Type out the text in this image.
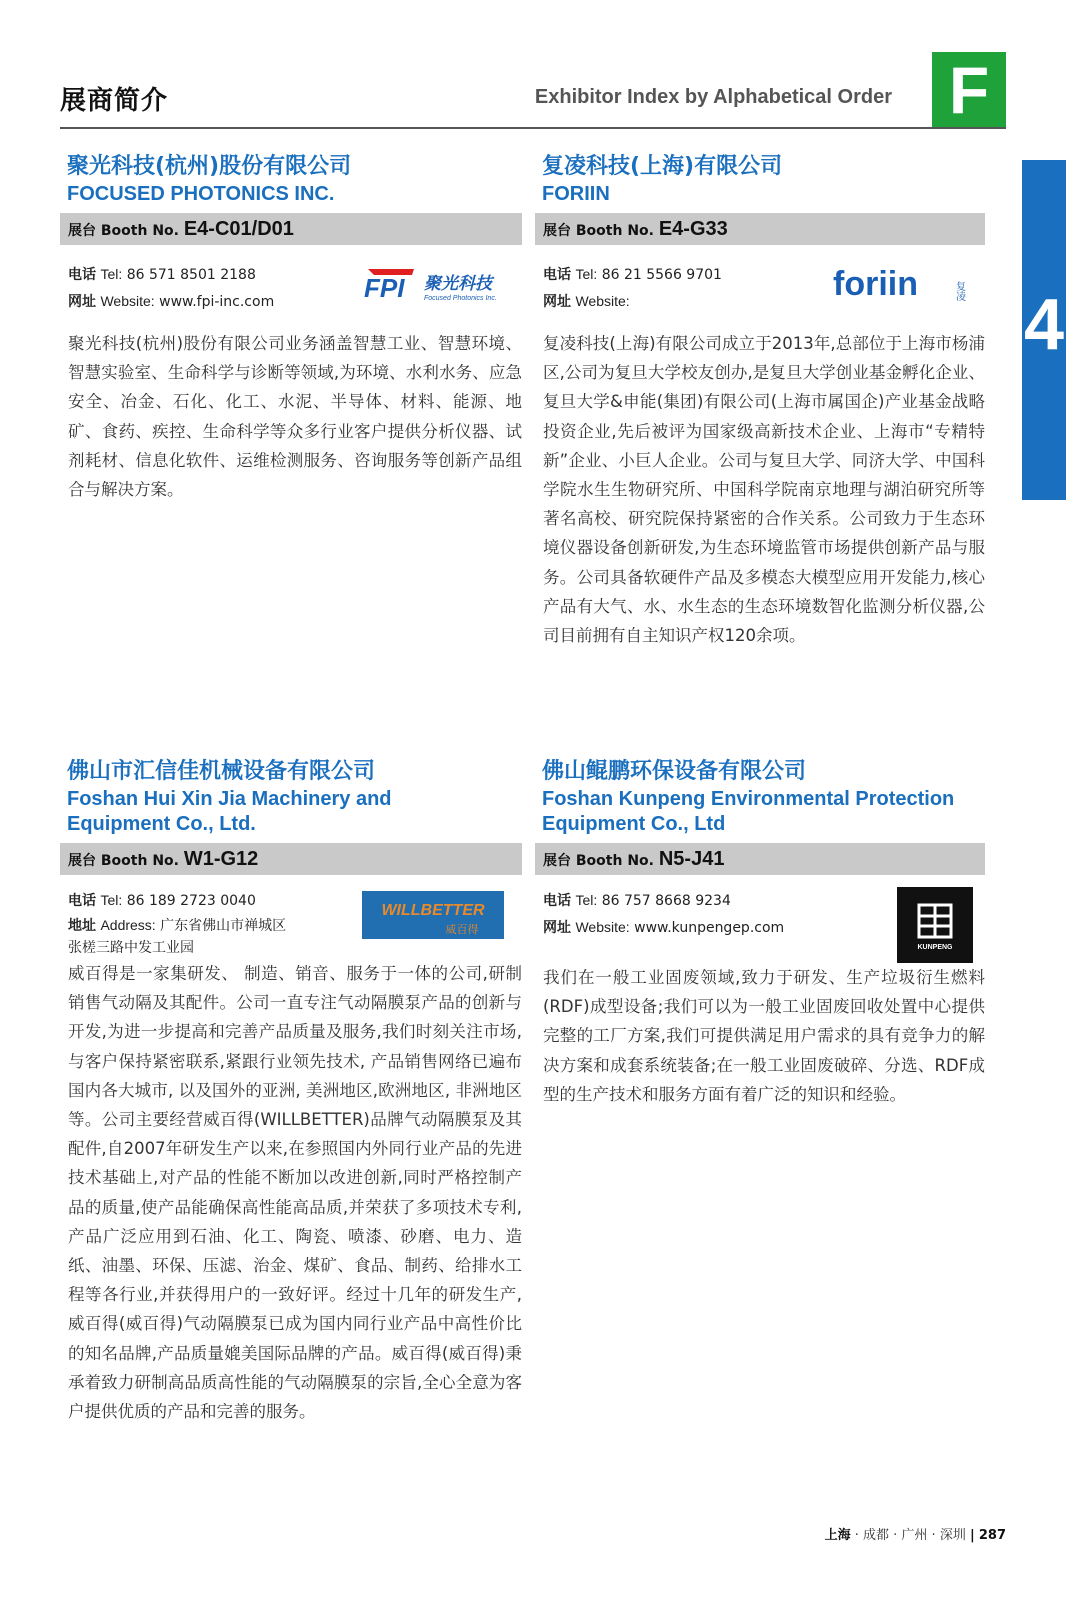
展商简介	Exhibitor Index by Alphabetical Order F
4
聚光科技(杭州)股份有限公司
FOCUSED PHOTONICS INC.
展台 Booth No. E4-C01/D01
电话 Tel: 86 571 8501 2188
网址 Website: www.fpi-inc.com	FPI 聚光科技
Focused Photonics Inc.
聚光科技(杭州)股份有限公司业务涵盖智慧工业、智慧环境、智慧实验室、生命科学与诊断等领域,为环境、水利水务、应急安全、冶金、石化、化工、水泥、半导体、材料、能源、地矿、食药、疾控、生命科学等众多行业客户提供分析仪器、试剂耗材、信息化软件、运维检测服务、咨询服务等创新产品组合与解决方案。
复凌科技(上海)有限公司
FORIIN
展台 Booth No. E4-G33
电话 Tel: 86 21 5566 9701
网址 Website:	foriin	复凌
复凌科技(上海)有限公司成立于2013年,总部位于上海市杨浦区,公司为复旦大学校友创办,是复旦大学创业基金孵化企业、复旦大学&申能(集团)有限公司(上海市属国企)产业基金战略投资企业,先后被评为国家级高新技术企业、上海市“专精特新”企业、小巨人企业。公司与复旦大学、同济大学、中国科学院水生生物研究所、中国科学院南京地理与湖泊研究所等著名高校、研究院保持紧密的合作关系。公司致力于生态环境仪器设备创新研发,为生态环境监管市场提供创新产品与服务。公司具备软硬件产品及多模态大模型应用开发能力,核心产品有大气、水、水生态的生态环境数智化监测分析仪器,公司目前拥有自主知识产权120余项。
佛山市汇信佳机械设备有限公司
Foshan Hui Xin Jia Machinery and Equipment Co., Ltd.
展台 Booth No. W1-G12
电话 Tel: 86 189 2723 0040
地址 Address: 广东省佛山市禅城区
张槎三路中发工业园
WILLBETTER
威百得
威百得是一家集研发、 制造、销音、服务于一体的公司,研制销售气动隔及其配件。公司一直专注气动隔膜泵产品的创新与开发,为进一步提高和完善产品质量及服务,我们时刻关注市场,与客户保持紧密联系,紧跟行业领先技术, 产品销售网络已遍布国内各大城市, 以及国外的亚洲, 美洲地区,欧洲地区, 非洲地区等。公司主要经营威百得(WILLBETTER)品牌气动隔膜泵及其配件,自2007年研发生产以来,在参照国内外同行业产品的先进技术基础上,对产品的性能不断加以改进创新,同时严格控制产品的质量,使产品能确保高性能高品质,并荣获了多项技术专利,产品广泛应用到石油、化工、陶瓷、喷漆、砂磨、电力、造纸、油墨、环保、压滤、治金、煤矿、食品、制药、给排水工程等各行业,并获得用户的一致好评。经过十几年的研发生产,威百得(威百得)气动隔膜泵已成为国内同行业产品中高性价比的知名品牌,产品质量媲美国际品牌的产品。威百得(威百得)秉承着致力研制高品质高性能的气动隔膜泵的宗旨,全心全意为客户提供优质的产品和完善的服务。
佛山鲲鹏环保设备有限公司
Foshan Kunpeng Environmental Protection Equipment Co., Ltd
展台 Booth No. N5-J41
电话 Tel: 86 757 8668 9234
网址 Website: www.kunpengep.com
KUNPENG
我们在一般工业固废领域,致力于研发、生产垃圾衍生燃料(RDF)成型设备;我们可以为一般工业固废回收处置中心提供完整的工厂方案,我们可提供满足用户需求的具有竞争力的解决方案和成套系统装备;在一般工业固废破碎、分选、RDF成型的生产技术和服务方面有着广泛的知识和经验。
上海 · 成都 · 广州 · 深圳 | 287
